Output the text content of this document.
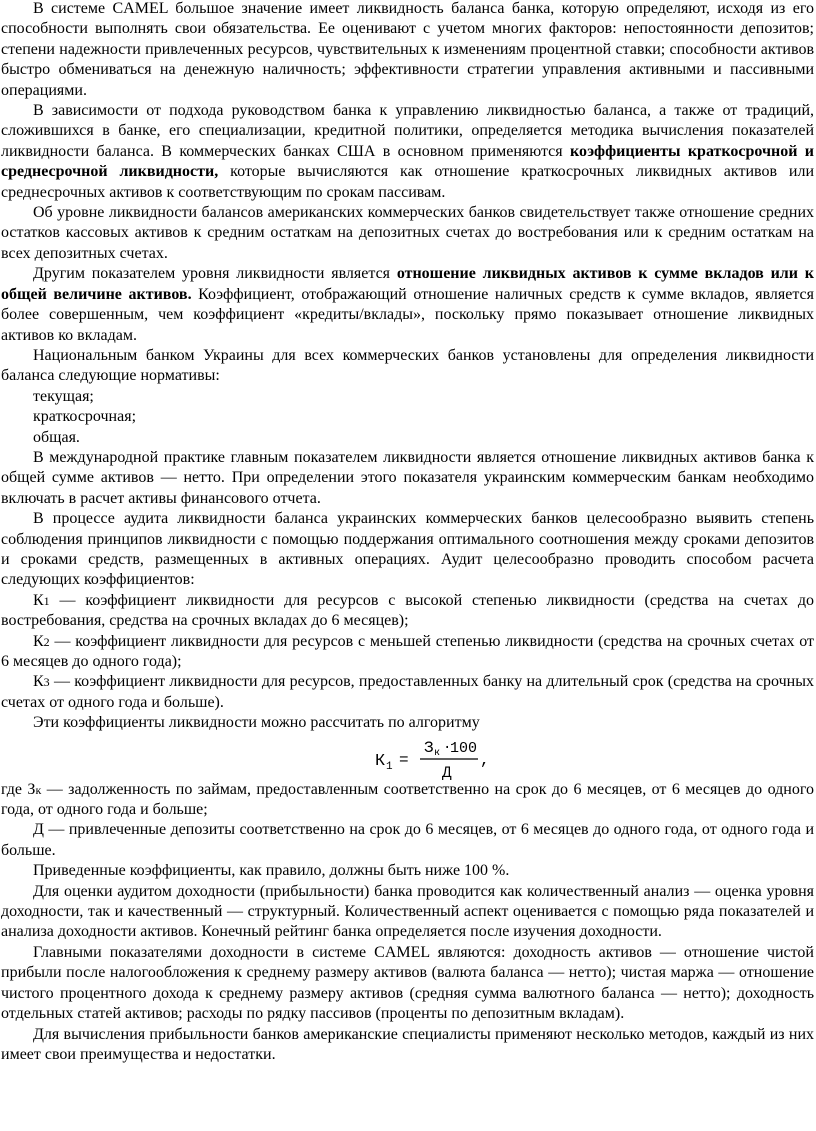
В системе CAMEL большое значение имеет ликвидность баланса банка, которую определяют, исходя из его способности выполнять свои обязательства. Ее оценивают с учетом многих факторов: непостоянности депозитов; степени надежности привлеченных ресурсов, чувствительных к изменениям процентной ставки; способности активов быстро обмениваться на денежную наличность; эффективности стратегии управления активными и пассивными операциями.

В зависимости от подхода руководством банка к управлению ликвидностью баланса, а также от традиций, сложившихся в банке, его специализации, кредитной политики, определяется методика вычисления показателей ликвидности баланса. В коммерческих банках США в основном применяются коэффициенты краткосрочной и среднесрочной ликвидности, которые вычисляются как отношение краткосрочных ликвидных активов или среднесрочных активов к соответствующим по срокам пассивам.

Об уровне ликвидности балансов американских коммерческих банков свидетельствует также отношение средних остатков кассовых активов к средним остаткам на депозитных счетах до востребования или к средним остаткам на всех депозитных счетах.

Другим показателем уровня ликвидности является отношение ликвидных активов к сумме вкладов или к общей величине активов. Коэффициент, отображающий отношение наличных средств к сумме вкладов, является более совершенным, чем коэффициент «кредиты/вклады», поскольку прямо показывает отношение ликвидных активов ко вкладам.

Национальным банком Украины для всех коммерческих банков установлены для определения ликвидности баланса следующие нормативы:

текущая;

краткосрочная;

общая.

В международной практике главным показателем ликвидности является отношение ликвидных активов банка к общей сумме активов — нетто. При определении этого показателя украинским коммерческим банкам необходимо включать в расчет активы финансового отчета.

В процессе аудита ликвидности баланса украинских коммерческих банков целесообразно выявить степень соблюдения принципов ликвидности с помощью поддержания оптимального соотношения между сроками депозитов и сроками средств, размещенных в активных операциях. Аудит целесообразно проводить способом расчета следующих коэффициентов:

К1 — коэффициент ликвидности для ресурсов с высокой степенью ликвидности (средства на счетах до востребования, средства на срочных вкладах до 6 месяцев);

К2 — коэффициент ликвидности для ресурсов с меньшей степенью ликвидности (средства на срочных счетах от 6 месяцев до одного года);

К3 — коэффициент ликвидности для ресурсов, предоставленных банку на длительный срок (средства на срочных счетах от одного года и больше).

Эти коэффициенты ликвидности можно рассчитать по алгоритму

К 1 =
З к ·
100
Д
,

где Зк — задолженность по займам, предоставленным соответственно на срок до 6 месяцев, от 6 месяцев до одного года, от одного года и больше;

Д — привлеченные депозиты соответственно на срок до 6 месяцев, от 6 месяцев до одного года, от одного года и больше.

Приведенные коэффициенты, как правило, должны быть ниже 100 %.

Для оценки аудитом доходности (прибыльности) банка проводится как количественный анализ — оценка уровня доходности, так и качественный — структурный. Количественный аспект оценивается с помощью ряда показателей и анализа доходности активов. Конечный рейтинг банка определяется после изучения доходности.

Главными показателями доходности в системе CAMEL являются: доходность активов — отношение чистой прибыли после налогообложения к среднему размеру активов (валюта баланса — нетто); чистая маржа — отношение чистого процентного дохода к среднему размеру активов (средняя сумма валютного баланса — нетто); доходность отдельных статей активов; расходы по рядку пассивов (проценты по депозитным вкладам).

Для вычисления прибыльности банков американские специалисты применяют несколько методов, каждый из них имеет свои преимущества и недостатки.
